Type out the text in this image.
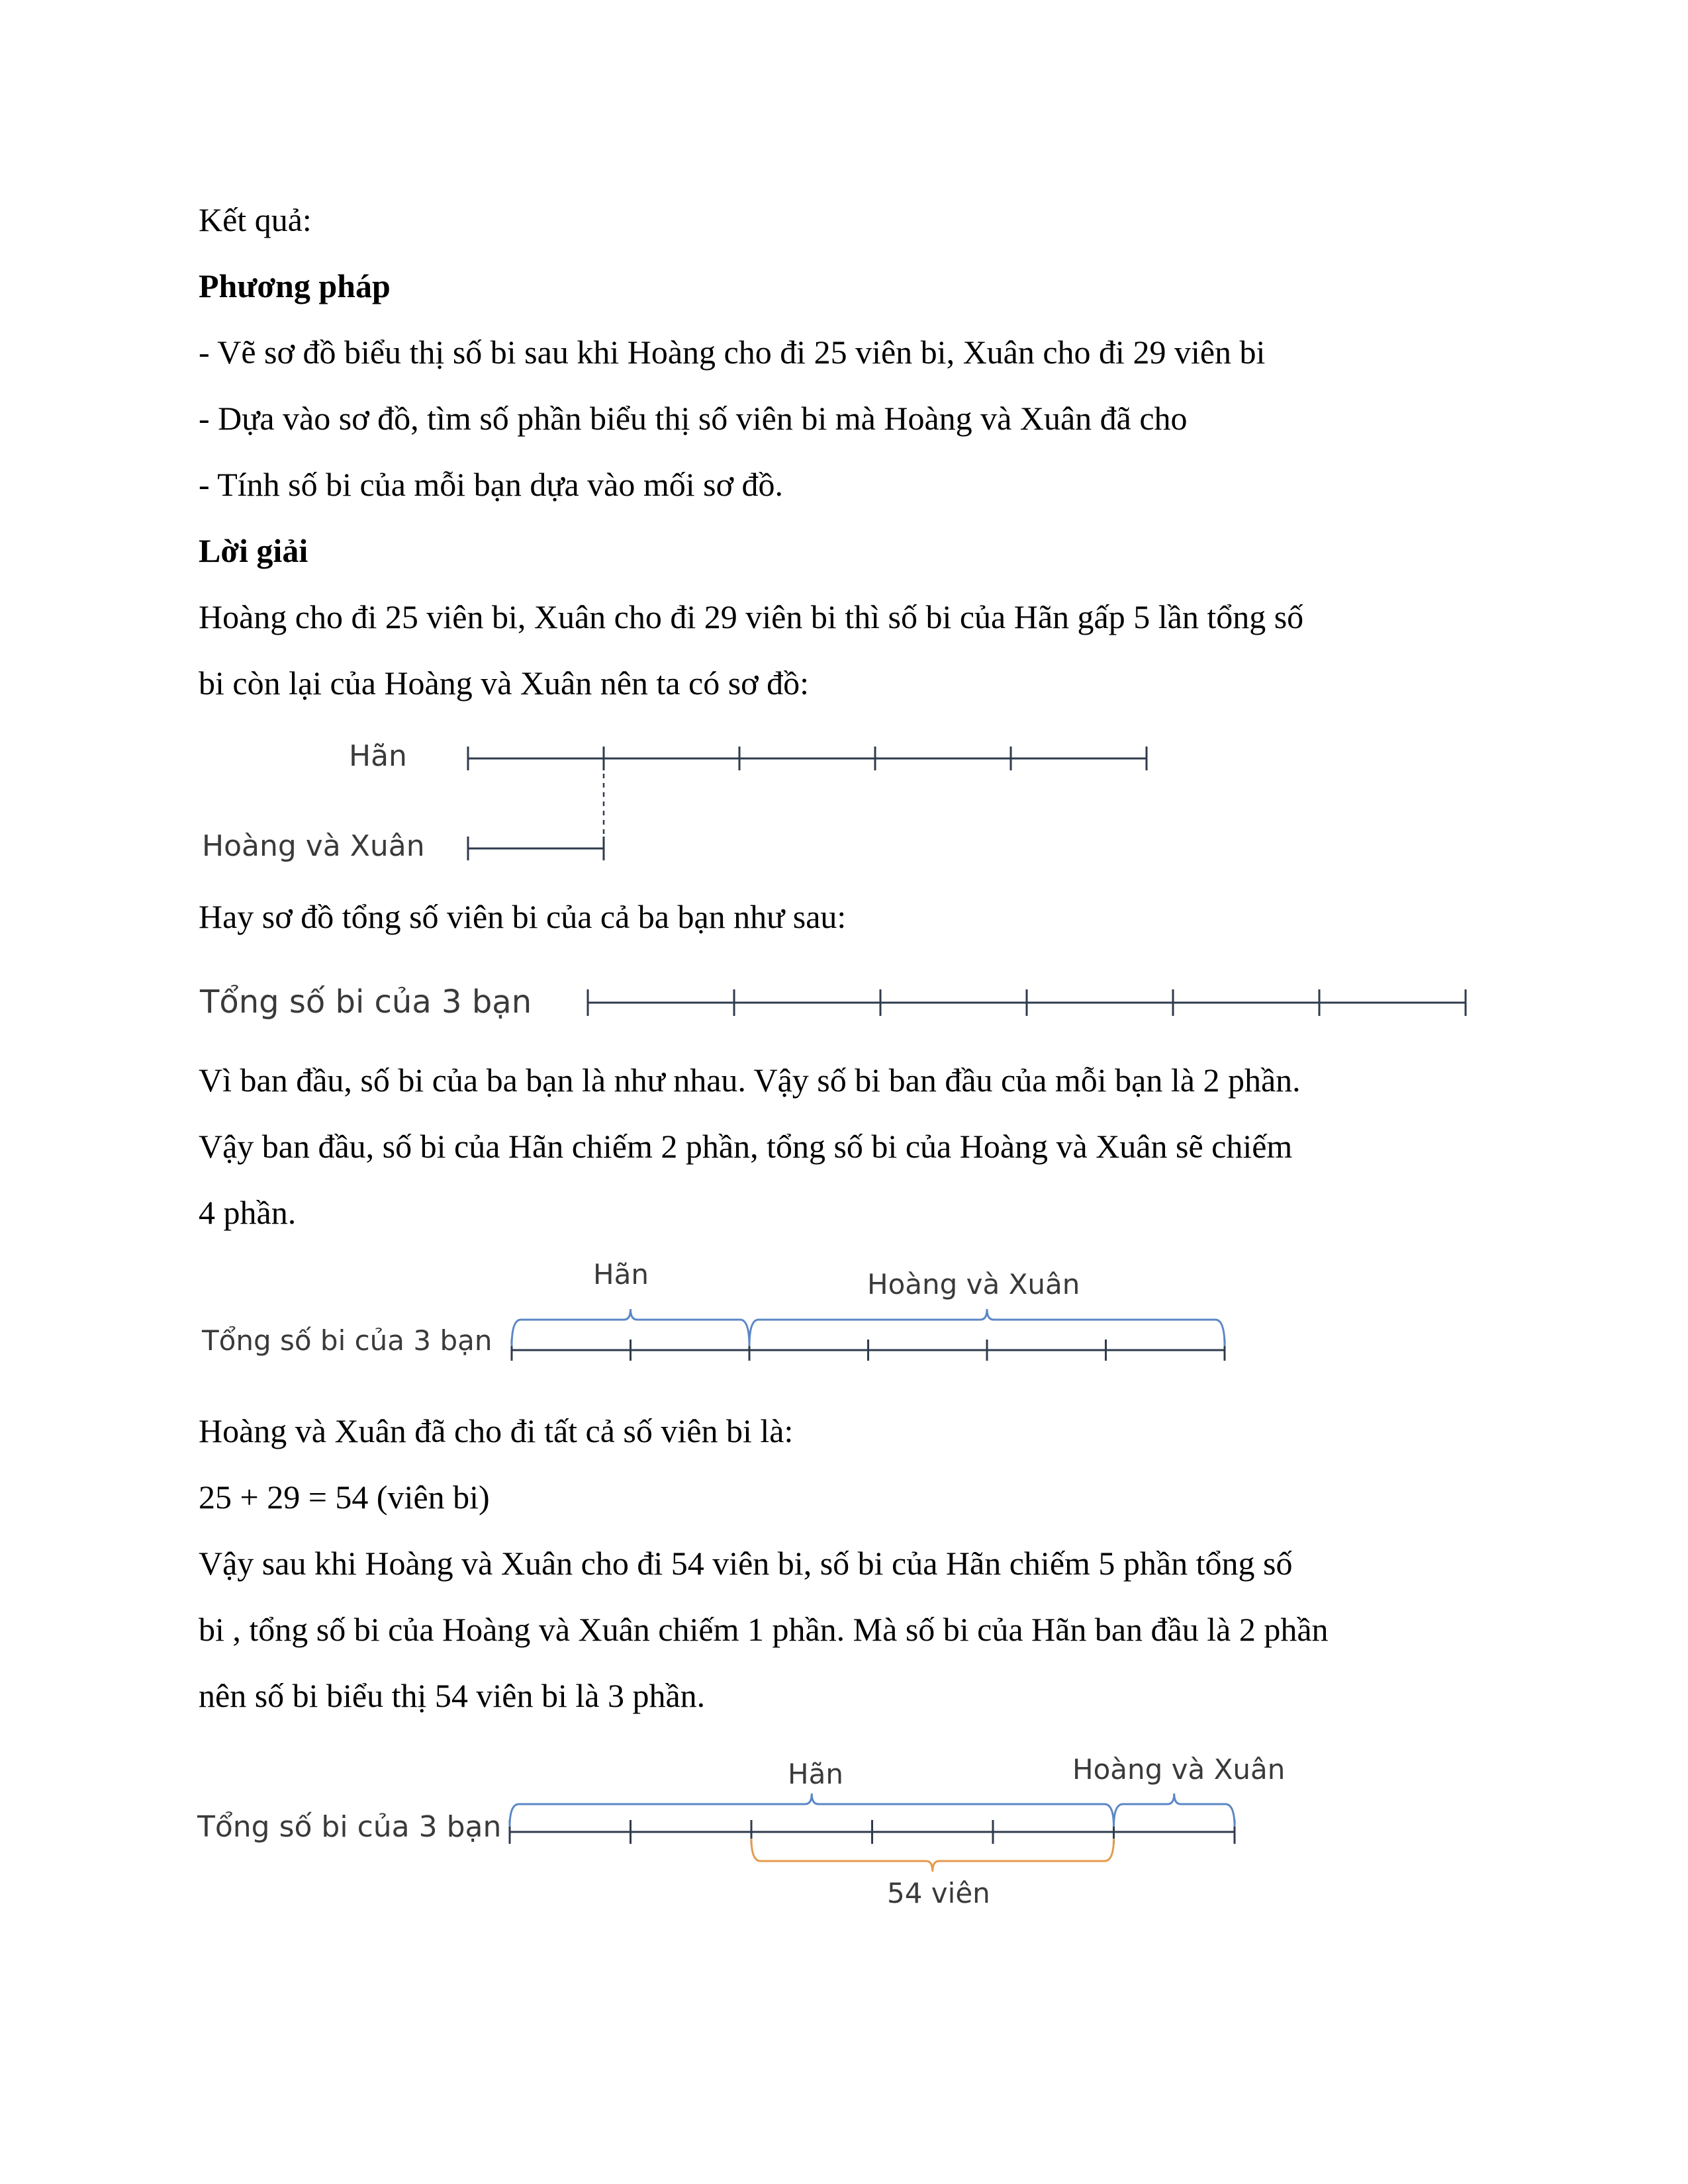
Kết quả:

Phương pháp

- Vẽ sơ đồ biểu thị số bi sau khi Hoàng cho đi 25 viên bi, Xuân cho đi 29 viên bi

- Dựa vào sơ đồ, tìm số phần biểu thị số viên bi mà Hoàng và Xuân đã cho

- Tính số bi của mỗi bạn dựa vào mối sơ đồ.

Lời giải

Hoàng cho đi 25 viên bi, Xuân cho đi 29 viên bi thì số bi của Hãn gấp 5 lần tổng số

bi còn lại của Hoàng và Xuân nên ta có sơ đồ:

Hãn
Hoàng và Xuân

Hay sơ đồ tổng số viên bi của cả ba bạn như sau:

Tổng số bi của 3 bạn

Vì ban đầu, số bi của ba bạn là như nhau. Vậy số bi ban đầu của mỗi bạn là 2 phần.

Vậy ban đầu, số bi của Hãn chiếm 2 phần, tổng số bi của Hoàng và Xuân sẽ chiếm

4 phần.

Hãn	Hoàng và Xuân
Tổng số bi của 3 bạn

Hoàng và Xuân đã cho đi tất cả số viên bi là:

25 + 29 = 54 (viên bi)

Vậy sau khi Hoàng và Xuân cho đi 54 viên bi, số bi của Hãn chiếm 5 phần tổng số

bi , tổng số bi của Hoàng và Xuân chiếm 1 phần. Mà số bi của Hãn ban đầu là 2 phần

nên số bi biểu thị 54 viên bi là 3 phần.

Hãn	Hoàng và Xuân
Tổng số bi của 3 bạn
54 viên
